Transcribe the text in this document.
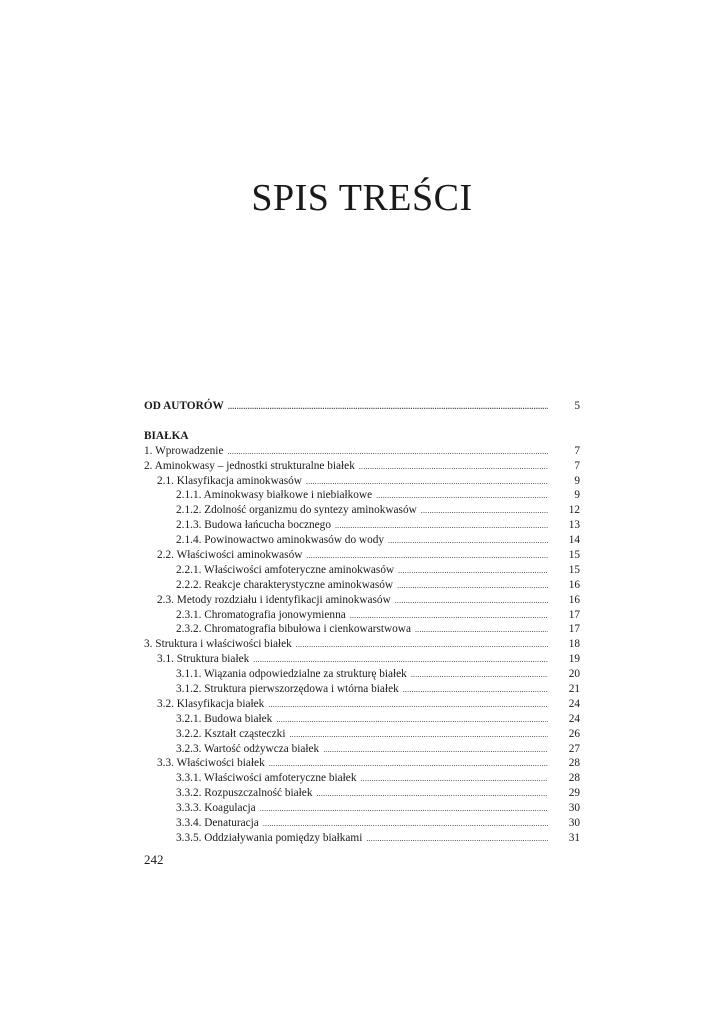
SPIS TREŚCI
OD AUTORÓW .....	5
BIAŁKA
1. Wprowadzenie .....	7
2. Aminokwasy – jednostki strukturalne białek .....	7
2.1. Klasyfikacja aminokwasów .....	9
2.1.1. Aminokwasy białkowe i niebiałkowe .....	9
2.1.2. Zdolność organizmu do syntezy aminokwasów .....	12
2.1.3. Budowa łańcucha bocznego .....	13
2.1.4. Powinowactwo aminokwasów do wody .....	14
2.2. Właściwości aminokwasów .....	15
2.2.1. Właściwości amfoteryczne aminokwasów .....	15
2.2.2. Reakcje charakterystyczne aminokwasów .....	16
2.3. Metody rozdziału i identyfikacji aminokwasów .....	16
2.3.1. Chromatografia jonowymienna .....	17
2.3.2. Chromatografia bibułowa i cienkowarstwowa .....	17
3. Struktura i właściwości białek .....	18
3.1. Struktura białek .....	19
3.1.1. Wiązania odpowiedzialne za strukturę białek .....	20
3.1.2. Struktura pierwszorzędowa i wtórna białek .....	21
3.2. Klasyfikacja białek .....	24
3.2.1. Budowa białek .....	24
3.2.2. Kształt cząsteczki .....	26
3.2.3. Wartość odżywcza białek .....	27
3.3. Właściwości białek .....	28
3.3.1. Właściwości amfoteryczne białek .....	28
3.3.2. Rozpuszczalność białek .....	29
3.3.3. Koagulacja .....	30
3.3.4. Denaturacja .....	30
3.3.5. Oddziaływania pomiędzy białkami .....	31
242
